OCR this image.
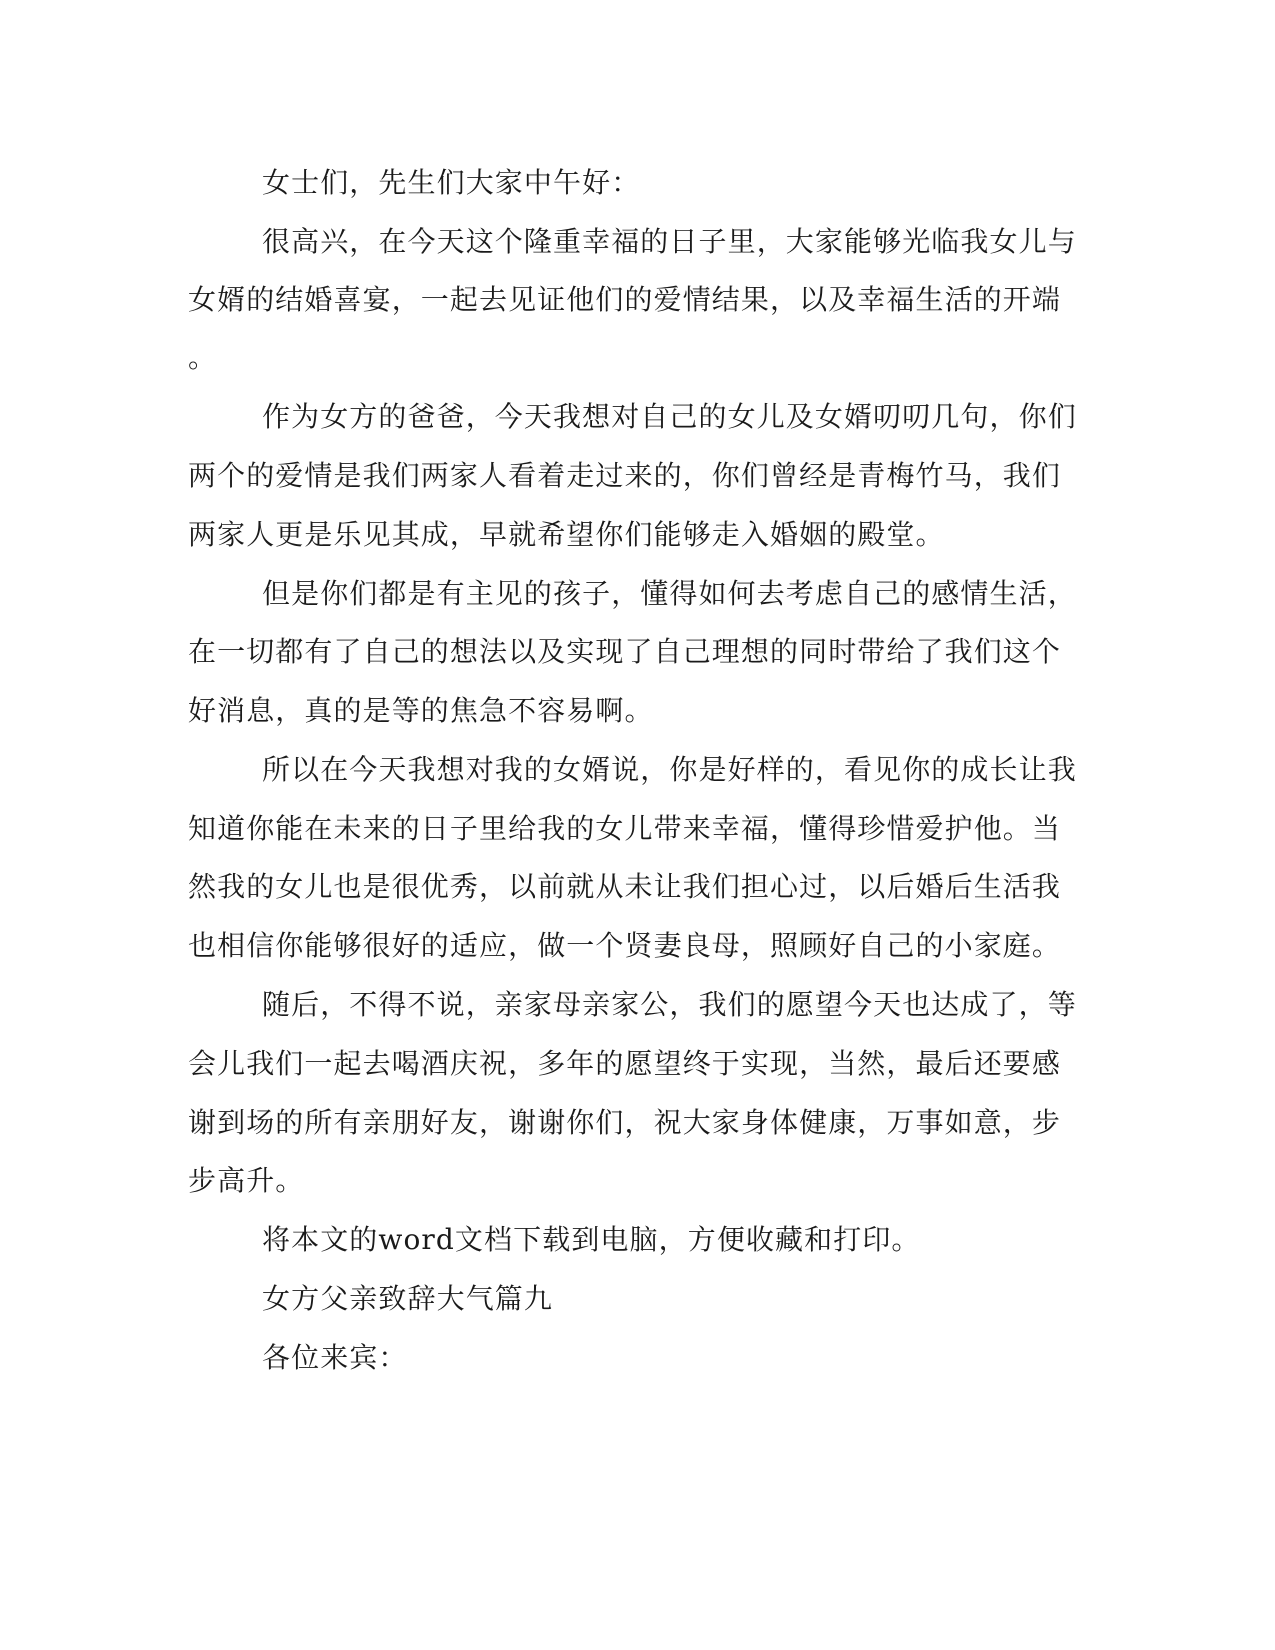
女士们，先生们大家中午好：
很高兴，在今天这个隆重幸福的日子里，大家能够光临我女儿与
女婿的结婚喜宴，一起去见证他们的爱情结果，以及幸福生活的开端
。
作为女方的爸爸，今天我想对自己的女儿及女婿叨叨几句，你们
两个的爱情是我们两家人看着走过来的，你们曾经是青梅竹马，我们
两家人更是乐见其成，早就希望你们能够走入婚姻的殿堂。
但是你们都是有主见的孩子，懂得如何去考虑自己的感情生活，
在一切都有了自己的想法以及实现了自己理想的同时带给了我们这个
好消息，真的是等的焦急不容易啊。
所以在今天我想对我的女婿说，你是好样的，看见你的成长让我
知道你能在未来的日子里给我的女儿带来幸福，懂得珍惜爱护他。当
然我的女儿也是很优秀，以前就从未让我们担心过，以后婚后生活我
也相信你能够很好的适应，做一个贤妻良母，照顾好自己的小家庭。
随后，不得不说，亲家母亲家公，我们的愿望今天也达成了，等
会儿我们一起去喝酒庆祝，多年的愿望终于实现，当然，最后还要感
谢到场的所有亲朋好友，谢谢你们，祝大家身体健康，万事如意，步
步高升。
将本文的word文档下载到电脑，方便收藏和打印。
女方父亲致辞大气篇九
各位来宾：
